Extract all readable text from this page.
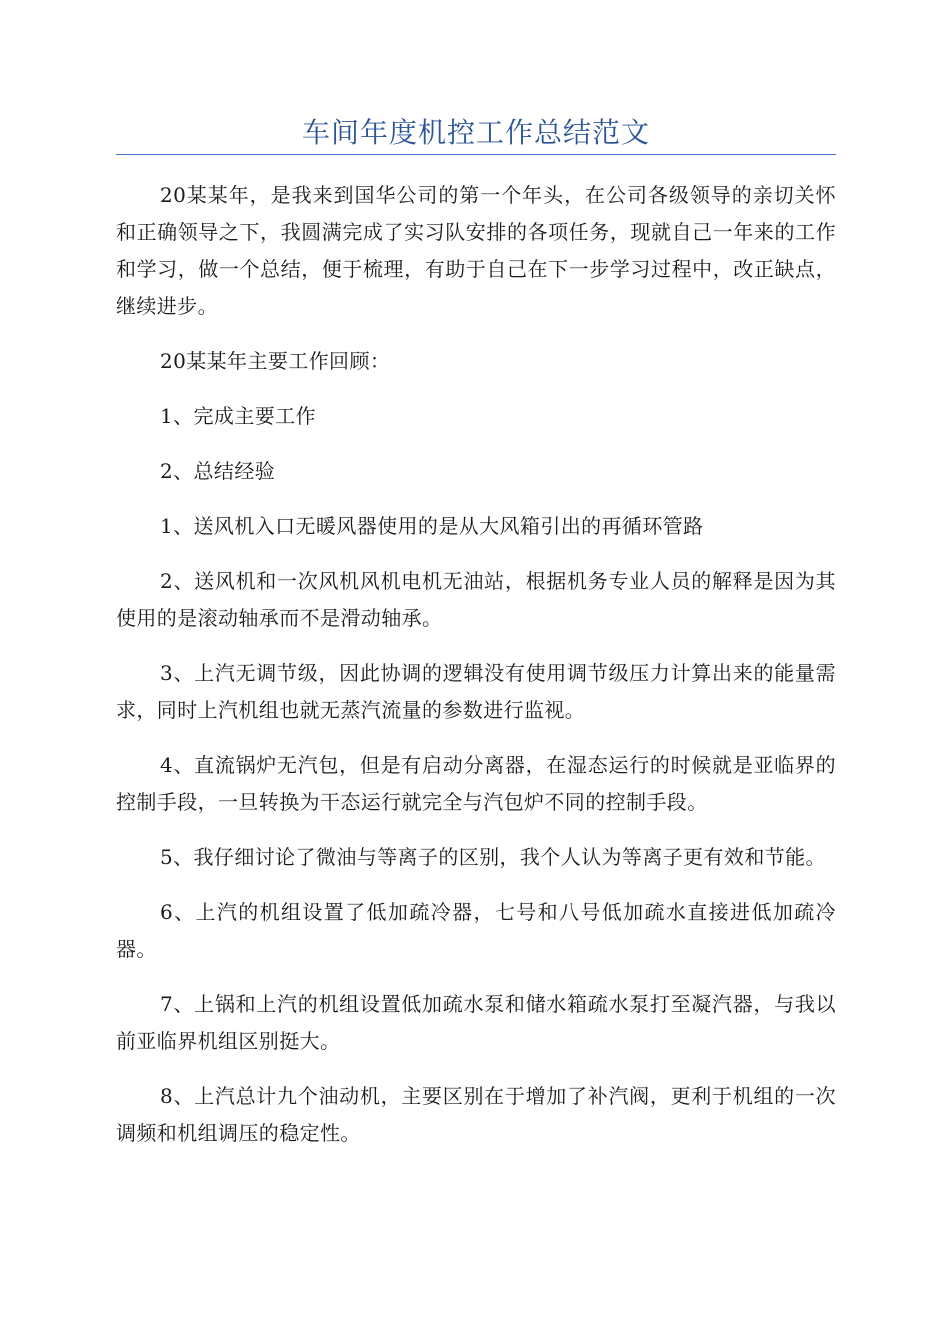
车间年度机控工作总结范文

20某某年，是我来到国华公司的第一个年头，在公司各级领导的亲切关怀和正确领导之下，我圆满完成了实习队安排的各项任务，现就自己一年来的工作和学习，做一个总结，便于梳理，有助于自己在下一步学习过程中，改正缺点，继续进步。

20某某年主要工作回顾：

1、完成主要工作

2、总结经验

1、送风机入口无暖风器使用的是从大风箱引出的再循环管路

2、送风机和一次风机风机电机无油站，根据机务专业人员的解释是因为其使用的是滚动轴承而不是滑动轴承。

3、上汽无调节级，因此协调的逻辑没有使用调节级压力计算出来的能量需求，同时上汽机组也就无蒸汽流量的参数进行监视。

4、直流锅炉无汽包，但是有启动分离器，在湿态运行的时候就是亚临界的控制手段，一旦转换为干态运行就完全与汽包炉不同的控制手段。

5、我仔细讨论了微油与等离子的区别，我个人认为等离子更有效和节能。

6、上汽的机组设置了低加疏冷器，七号和八号低加疏水直接进低加疏冷器。

7、上锅和上汽的机组设置低加疏水泵和储水箱疏水泵打至凝汽器，与我以前亚临界机组区别挺大。

8、上汽总计九个油动机，主要区别在于增加了补汽阀，更利于机组的一次调频和机组调压的稳定性。
